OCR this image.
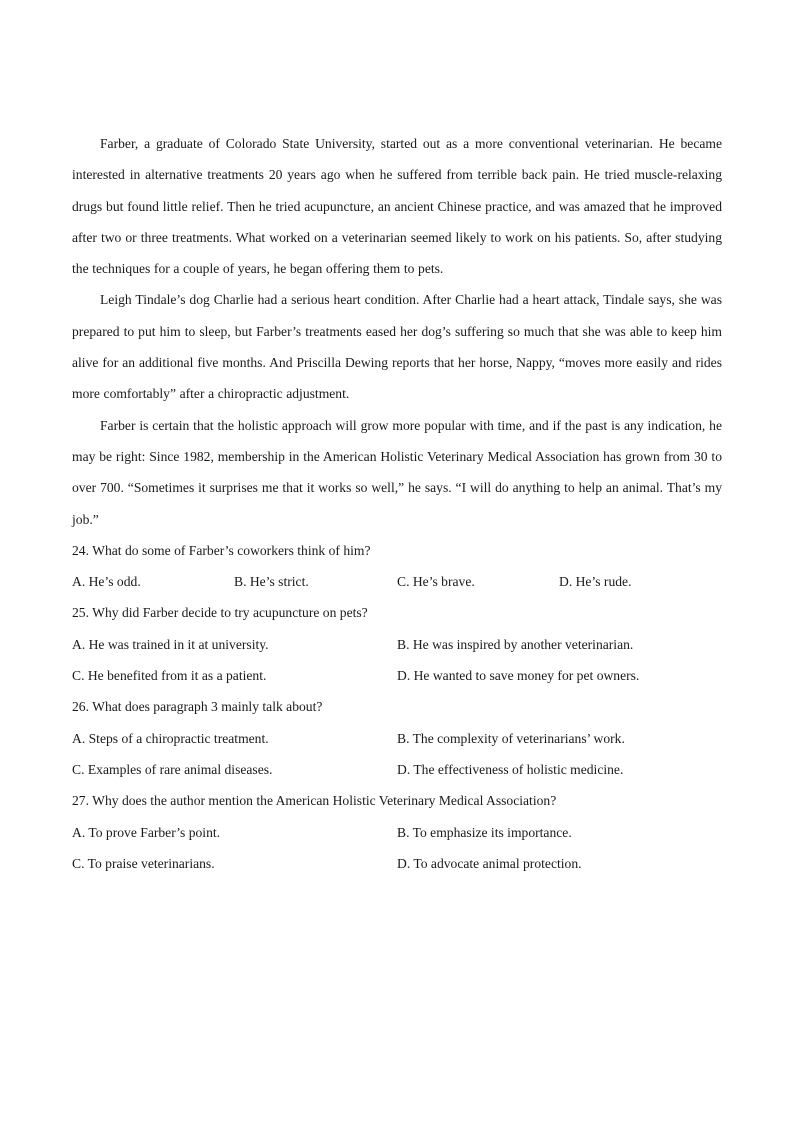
Farber, a graduate of Colorado State University, started out as a more conventional veterinarian. He became interested in alternative treatments 20 years ago when he suffered from terrible back pain. He tried muscle-relaxing drugs but found little relief. Then he tried acupuncture, an ancient Chinese practice, and was amazed that he improved after two or three treatments. What worked on a veterinarian seemed likely to work on his patients. So, after studying the techniques for a couple of years, he began offering them to pets.

Leigh Tindale’s dog Charlie had a serious heart condition. After Charlie had a heart attack, Tindale says, she was prepared to put him to sleep, but Farber’s treatments eased her dog’s suffering so much that she was able to keep him alive for an additional five months. And Priscilla Dewing reports that her horse, Nappy, “moves more easily and rides more comfortably” after a chiropractic adjustment.

Farber is certain that the holistic approach will grow more popular with time, and if the past is any indication, he may be right: Since 1982, membership in the American Holistic Veterinary Medical Association has grown from 30 to over 700. “Sometimes it surprises me that it works so well,” he says. “I will do anything to help an animal. That’s my job.”

24. What do some of Farber’s coworkers think of him?

A. He’s odd.	B. He’s strict.	C. He’s brave.	D. He’s rude.

25. Why did Farber decide to try acupuncture on pets?

A. He was trained in it at university.	B. He was inspired by another veterinarian.
C. He benefited from it as a patient.	D. He wanted to save money for pet owners.

26. What does paragraph 3 mainly talk about?

A. Steps of a chiropractic treatment.	B. The complexity of veterinarians’ work.
C. Examples of rare animal diseases.	D. The effectiveness of holistic medicine.

27. Why does the author mention the American Holistic Veterinary Medical Association?

A. To prove Farber’s point.	B. To emphasize its importance.
C. To praise veterinarians.	D. To advocate animal protection.
